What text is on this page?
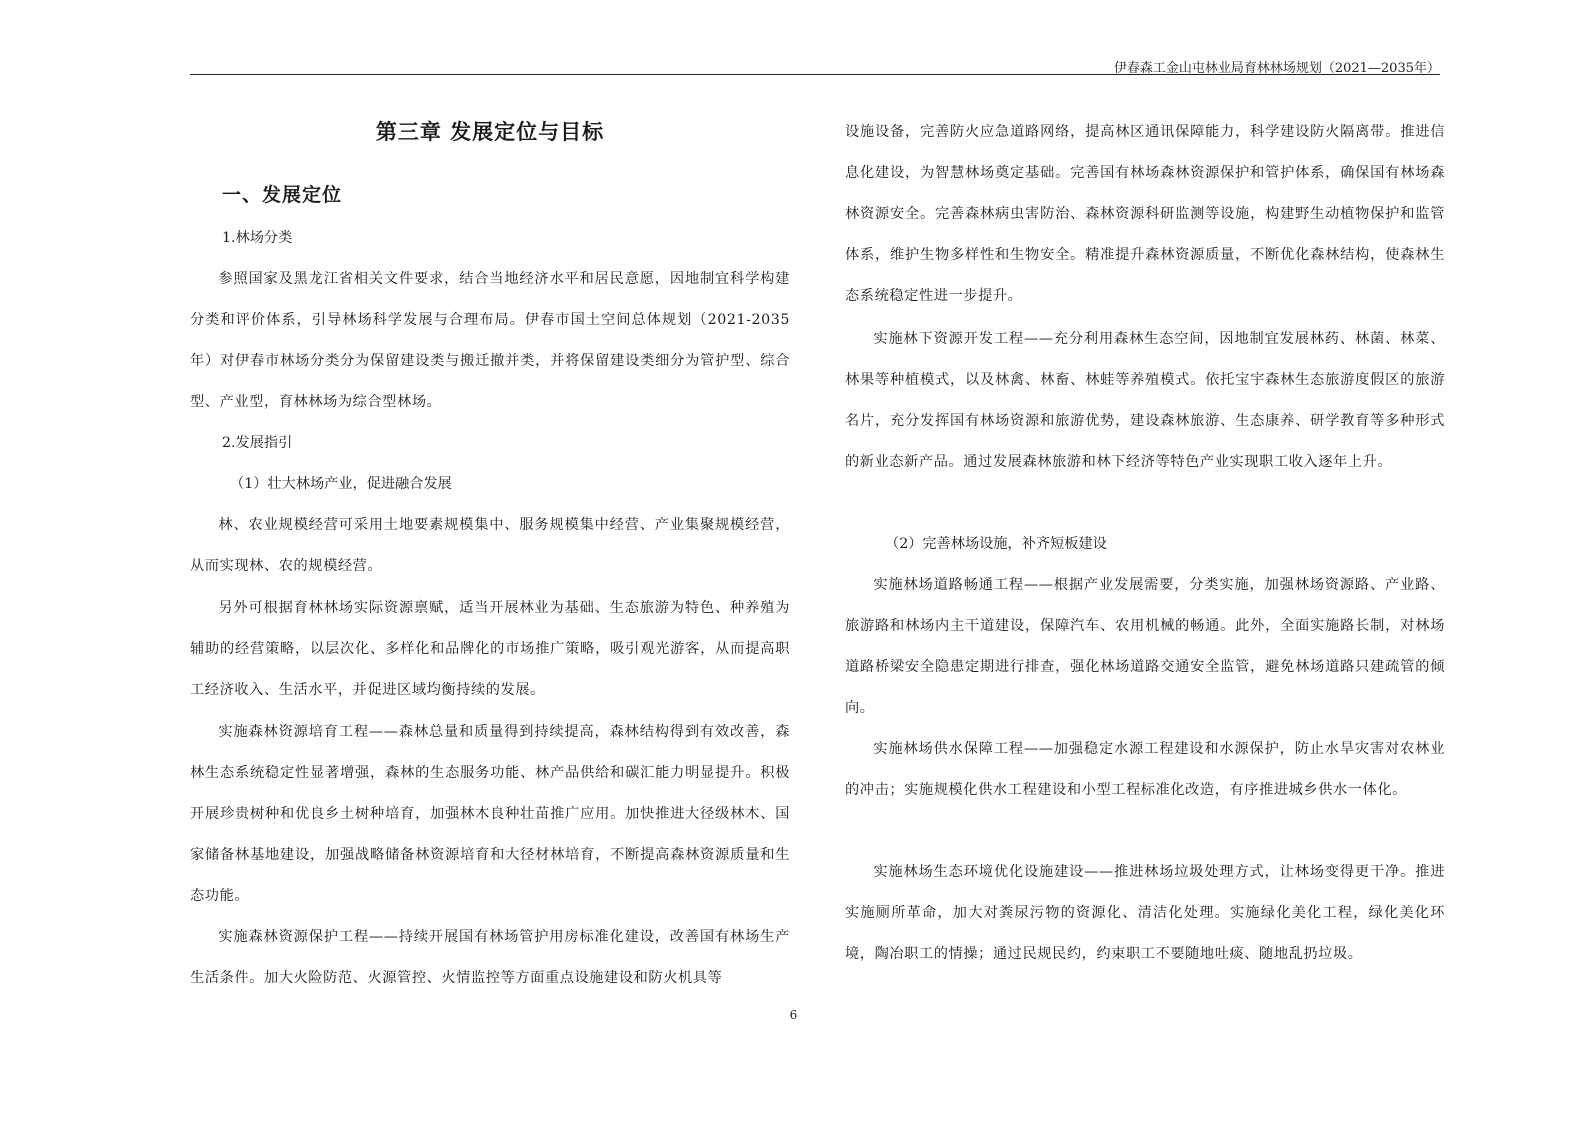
伊春森工金山屯林业局育林林场规划（2021—2035年）
第三章 发展定位与目标
一、发展定位

1.林场分类

参照国家及黑龙江省相关文件要求，结合当地经济水平和居民意愿，因地制宜科学构建分类和评价体系，引导林场科学发展与合理布局。伊春市国土空间总体规划（2021-2035年）对伊春市林场分类分为保留建设类与搬迁撤并类，并将保留建设类细分为管护型、综合型、产业型，育林林场为综合型林场。

2.发展指引

（1）壮大林场产业，促进融合发展

林、农业规模经营可采用土地要素规模集中、服务规模集中经营、产业集聚规模经营，从而实现林、农的规模经营。

另外可根据育林林场实际资源禀赋，适当开展林业为基础、生态旅游为特色、种养殖为辅助的经营策略，以层次化、多样化和品牌化的市场推广策略，吸引观光游客，从而提高职工经济收入、生活水平，并促进区域均衡持续的发展。

实施森林资源培育工程——森林总量和质量得到持续提高，森林结构得到有效改善，森林生态系统稳定性显著增强，森林的生态服务功能、林产品供给和碳汇能力明显提升。积极开展珍贵树种和优良乡土树种培育，加强林木良种壮苗推广应用。加快推进大径级林木、国家储备林基地建设，加强战略储备林资源培育和大径材林培育，不断提高森林资源质量和生态功能。

实施森林资源保护工程——持续开展国有林场管护用房标准化建设，改善国有林场生产生活条件。加大火险防范、火源管控、火情监控等方面重点设施建设和防火机具等

设施设备，完善防火应急道路网络，提高林区通讯保障能力，科学建设防火隔离带。推进信息化建设，为智慧林场奠定基础。完善国有林场森林资源保护和管护体系，确保国有林场森林资源安全。完善森林病虫害防治、森林资源科研监测等设施，构建野生动植物保护和监管体系，维护生物多样性和生物安全。精准提升森林资源质量，不断优化森林结构，使森林生态系统稳定性进一步提升。

实施林下资源开发工程——充分利用森林生态空间，因地制宜发展林药、林菌、林菜、林果等种植模式，以及林禽、林畜、林蛙等养殖模式。依托宝宇森林生态旅游度假区的旅游名片，充分发挥国有林场资源和旅游优势，建设森林旅游、生态康养、研学教育等多种形式的新业态新产品。通过发展森林旅游和林下经济等特色产业实现职工收入逐年上升。

（2）完善林场设施，补齐短板建设

实施林场道路畅通工程——根据产业发展需要，分类实施，加强林场资源路、产业路、旅游路和林场内主干道建设，保障汽车、农用机械的畅通。此外，全面实施路长制，对林场道路桥梁安全隐患定期进行排查，强化林场道路交通安全监管，避免林场道路只建疏管的倾向。

实施林场供水保障工程——加强稳定水源工程建设和水源保护，防止水旱灾害对农林业的冲击；实施规模化供水工程建设和小型工程标准化改造，有序推进城乡供水一体化。

实施林场生态环境优化设施建设——推进林场垃圾处理方式，让林场变得更干净。推进实施厕所革命，加大对粪尿污物的资源化、清洁化处理。实施绿化美化工程，绿化美化环境，陶冶职工的情操；通过民规民约，约束职工不要随地吐痰、随地乱扔垃圾。

6
